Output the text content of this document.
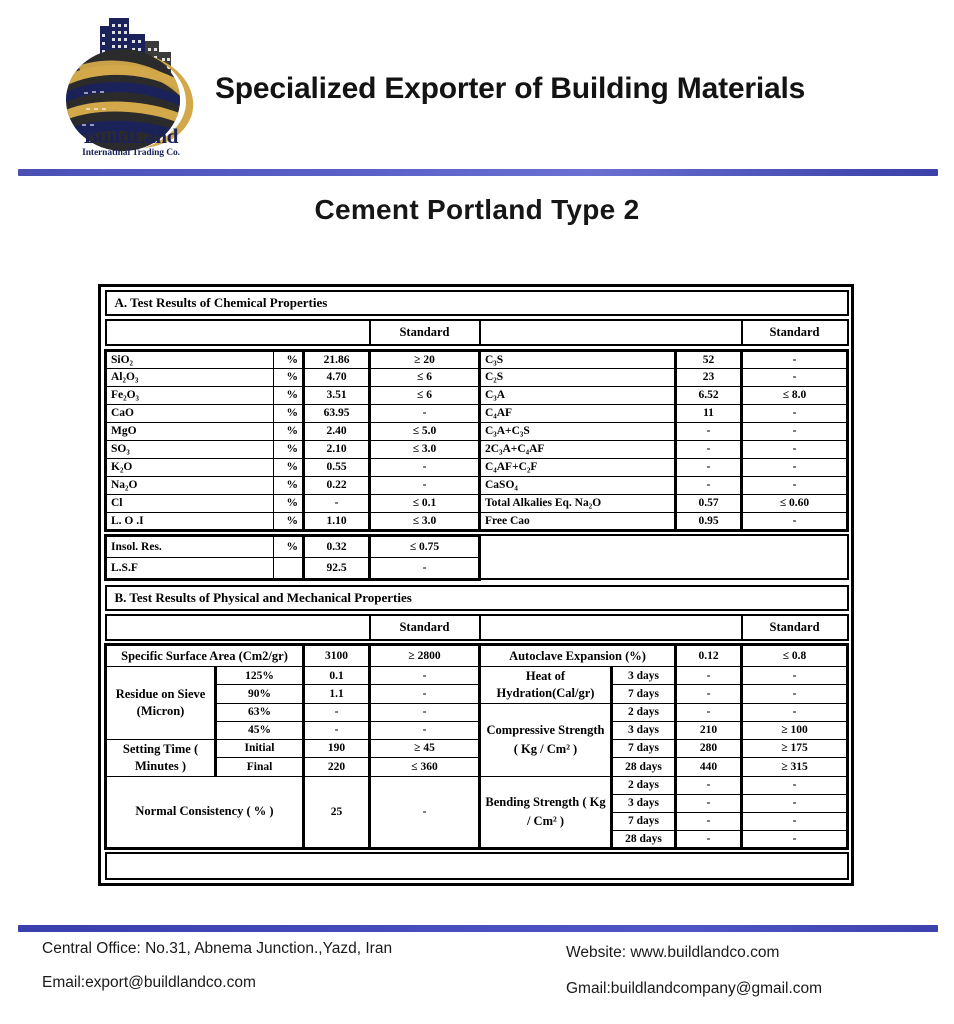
BuildLand
Internatinal Trading Co.
Specialized Exporter of Building Materials
Cement Portland Type 2
A. Test Results of Chemical Properties						

			Standard			Standard

SiO₂	%	21.86	≥ 20	C₃S	52	-
Al₂O₃	%	4.70	≤ 6	C₂S	23	-
Fe₂O₃	%	3.51	≤ 6	C₃A	6.52	≤ 8.0
CaO	%	63.95	-	C₄AF	11	-
MgO	%	2.40	≤ 5.0	C₃A+C₃S	-	-
SO₃	%	2.10	≤ 3.0	2C₃A+C₄AF	-	-
K₂O	%	0.55	-	C₄AF+C₂F	-	-
Na₂O	%	0.22	-	CaSO₄	-	-
Cl	%	-	≤ 0.1	Total Alkalies Eq. Na₂O	0.57	≤ 0.60
L. O .I	%	1.10	≤ 3.0	Free Cao	0.95	-

Insol. Res.	%	0.32	≤ 0.75			
L.S.F		92.5	-			
B. Test Results of Physical and Mechanical Properties							

			Standard				Standard

Specific Surface Area (Cm2/gr)		3100	≥ 2800	Autoclave Expansion (%)		0.12	≤ 0.8
Residue on Sieve (Micron)	125%	0.1	-	Heat of Hydration(Cal/gr)	3 days	-	-
	90%	1.1	-		7 days	-	-
	63%	-	-	Compressive Strength ( Kg / Cm² )	2 days	-	-
	45%	-	-		3 days	210	≥ 100
Setting Time ( Minutes )	Initial	190	≥ 45		7 days	280	≥ 175
	Final	220	≤ 360		28 days	440	≥ 315
Normal Consistency ( % )		25	-	Bending Strength ( Kg / Cm² )	2 days	-	-
					3 days	-	-
					7 days	-	-
					28 days	-	-

Central Office: No.31, Abnema Junction.,Yazd, Iran
Email:export@buildlandco.com
Website: www.buildlandco.com
Gmail:buildlandcompany@gmail.com
